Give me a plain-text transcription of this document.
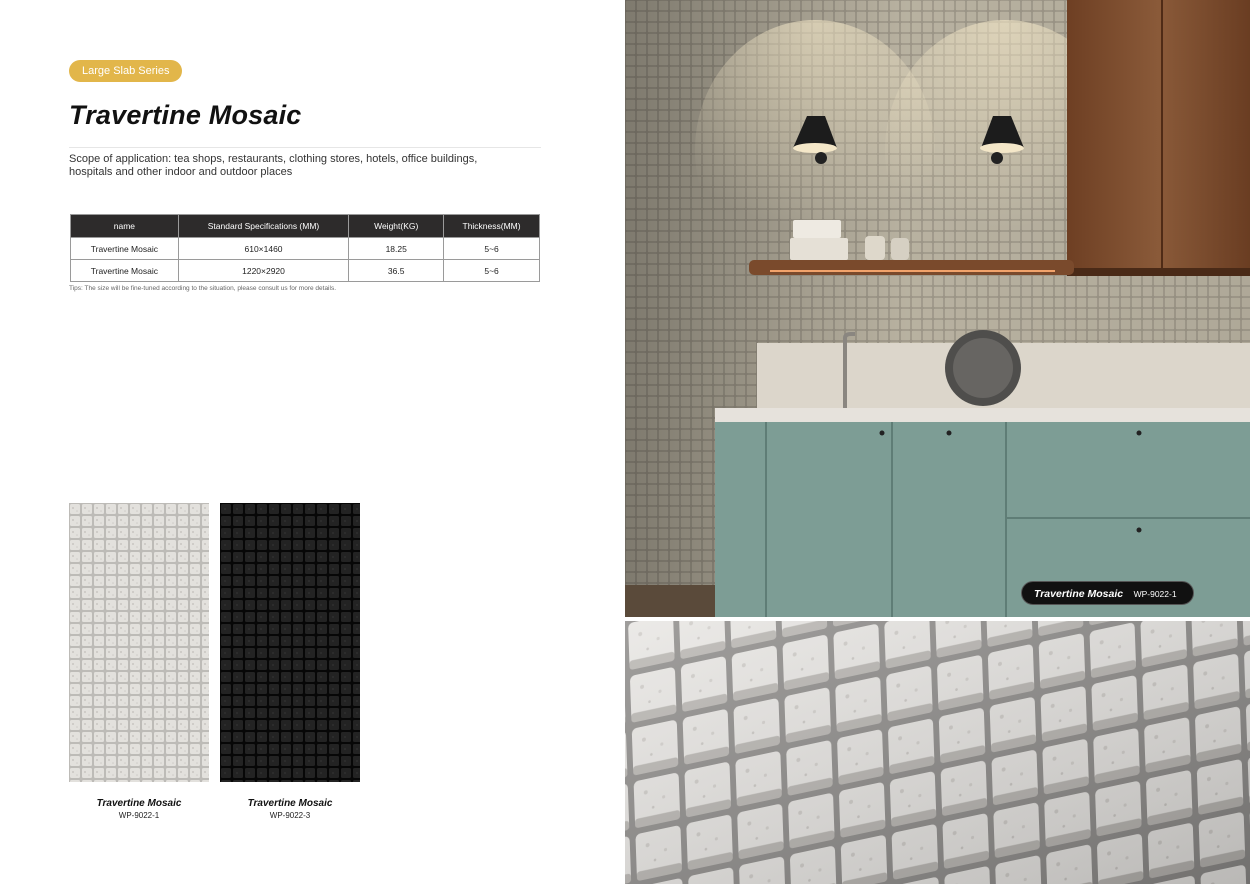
Large Slab Series
Travertine Mosaic

Scope of application: tea shops, restaurants, clothing stores, hotels, office buildings, hospitals and other indoor and outdoor places

name	Standard Specifications (MM)	Weight(KG)	Thickness(MM)
Travertine Mosaic	610×1460	18.25	5~6
Travertine Mosaic	1220×2920	36.5	5~6

Tips: The size will be fine-tuned according to the situation, please consult us for more details.

Travertine Mosaic
WP-9022-1
Travertine Mosaic
WP-9022-3
Travertine Mosaic WP-9022-1
